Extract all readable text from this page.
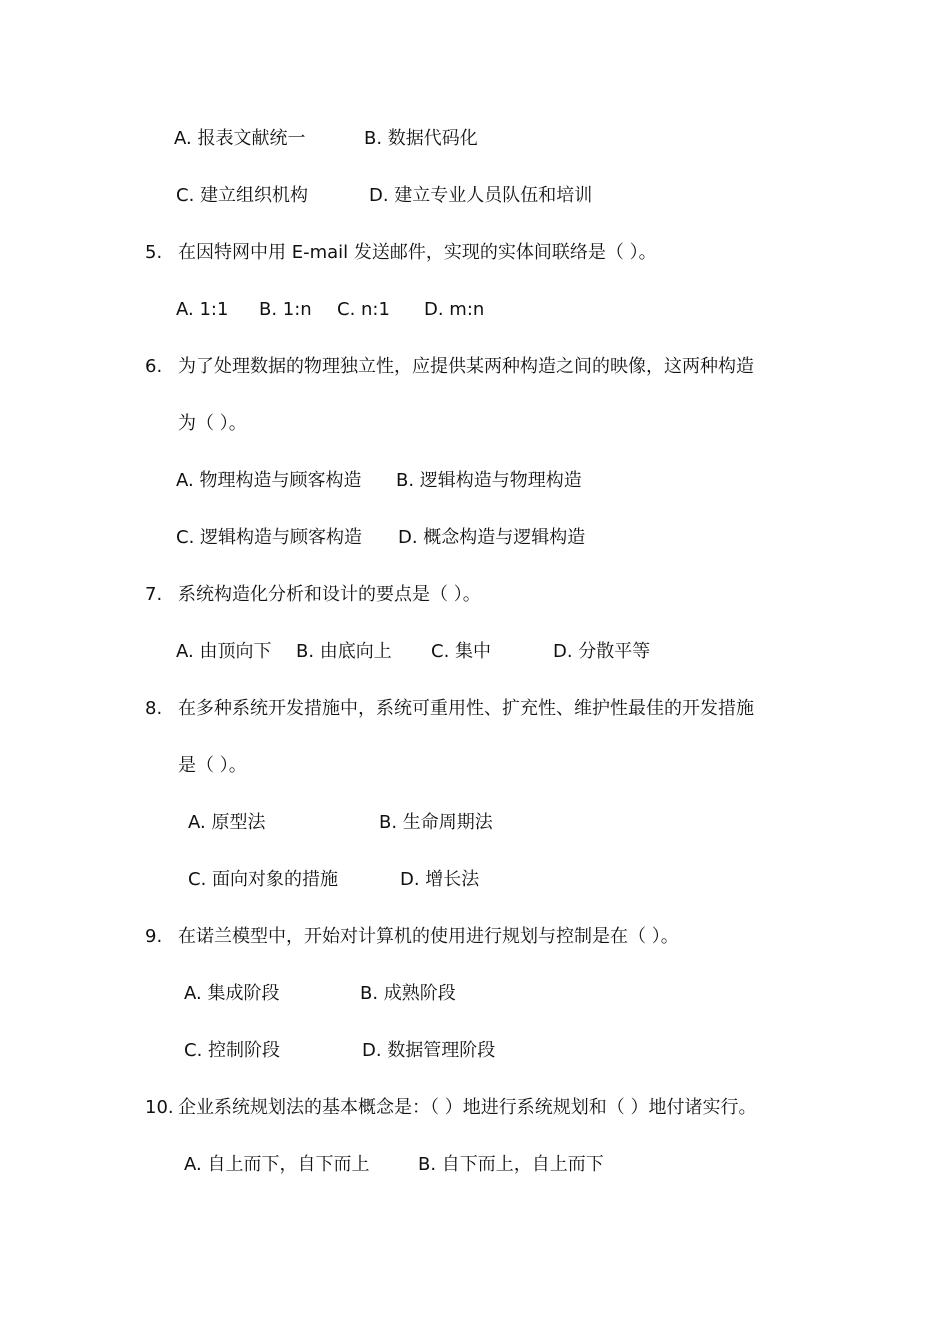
A. 报表文献统一	B. 数据代码化
C. 建立组织机构	D. 建立专业人员队伍和培训
5. 在因特网中用 E-mail 发送邮件，实现的实体间联络是（ ）。
A. 1:1 B. 1:n C. n:1 D. m:n
6. 为了处理数据的物理独立性，应提供某两种构造之间的映像，这两种构造
为（ ）。
A. 物理构造与顾客构造 B. 逻辑构造与物理构造
C. 逻辑构造与顾客构造 D. 概念构造与逻辑构造
7. 系统构造化分析和设计的要点是（ ）。
A. 由顶向下 B. 由底向上 C. 集中	D. 分散平等
8. 在多种系统开发措施中，系统可重用性、扩充性、维护性最佳的开发措施
是（ ）。
A. 原型法	B. 生命周期法
C. 面向对象的措施	D. 增长法
9. 在诺兰模型中，开始对计算机的使用进行规划与控制是在（ ）。
A. 集成阶段	B. 成熟阶段
C. 控制阶段	D. 数据管理阶段
10. 企业系统规划法的基本概念是：（ ）地进行系统规划和（ ）地付诸实行。
A. 自上而下，自下而上	B. 自下而上，自上而下
